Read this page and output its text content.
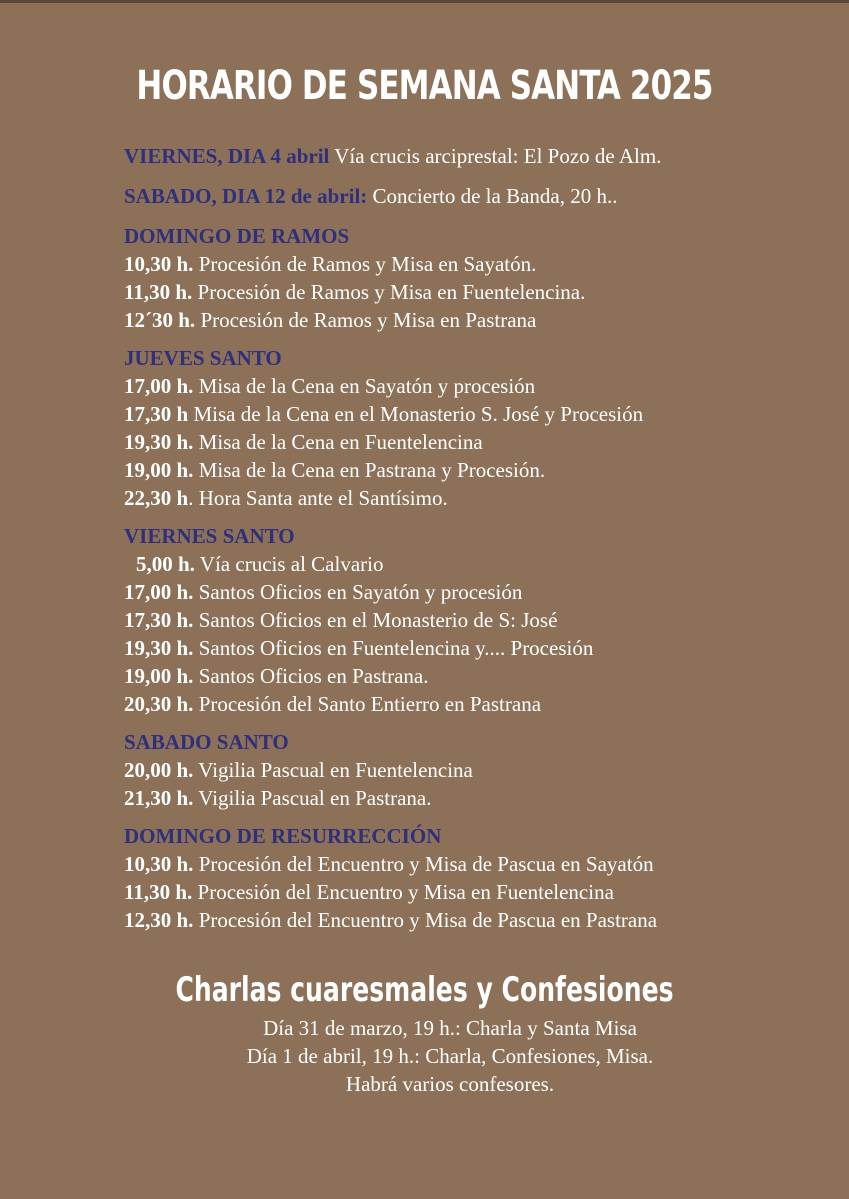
HORARIO DE SEMANA SANTA 2025
VIERNES, DIA 4 abril Vía crucis arciprestal: El Pozo de Alm.
SABADO, DIA 12 de abril: Concierto de la Banda, 20 h..
DOMINGO DE RAMOS
10,30 h. Procesión de Ramos y Misa en Sayatón.
11,30 h. Procesión de Ramos y Misa en Fuentelencina.
12´30 h. Procesión de Ramos y Misa en Pastrana
JUEVES SANTO
17,00 h. Misa de la Cena en Sayatón y procesión
17,30 h Misa de la Cena en el Monasterio S. José y Procesión
19,30 h. Misa de la Cena en Fuentelencina
19,00 h. Misa de la Cena en Pastrana y Procesión.
22,30 h. Hora Santa ante el Santísimo.
VIERNES SANTO
5,00 h. Vía crucis al Calvario
17,00 h. Santos Oficios en Sayatón y procesión
17,30 h. Santos Oficios en el Monasterio de S: José
19,30 h. Santos Oficios en Fuentelencina y.... Procesión
19,00 h. Santos Oficios en Pastrana.
20,30 h. Procesión del Santo Entierro en Pastrana
SABADO SANTO
20,00 h. Vigilia Pascual en Fuentelencina
21,30 h. Vigilia Pascual en Pastrana.
DOMINGO DE RESURRECCIÓN
10,30 h. Procesión del Encuentro y Misa de Pascua en Sayatón
11,30 h. Procesión del Encuentro y Misa en Fuentelencina
12,30 h. Procesión del Encuentro y Misa de Pascua en Pastrana
Charlas cuaresmales y Confesiones
Día 31 de marzo, 19 h.: Charla y Santa Misa
Día 1 de abril, 19 h.: Charla, Confesiones, Misa.
Habrá varios confesores.
